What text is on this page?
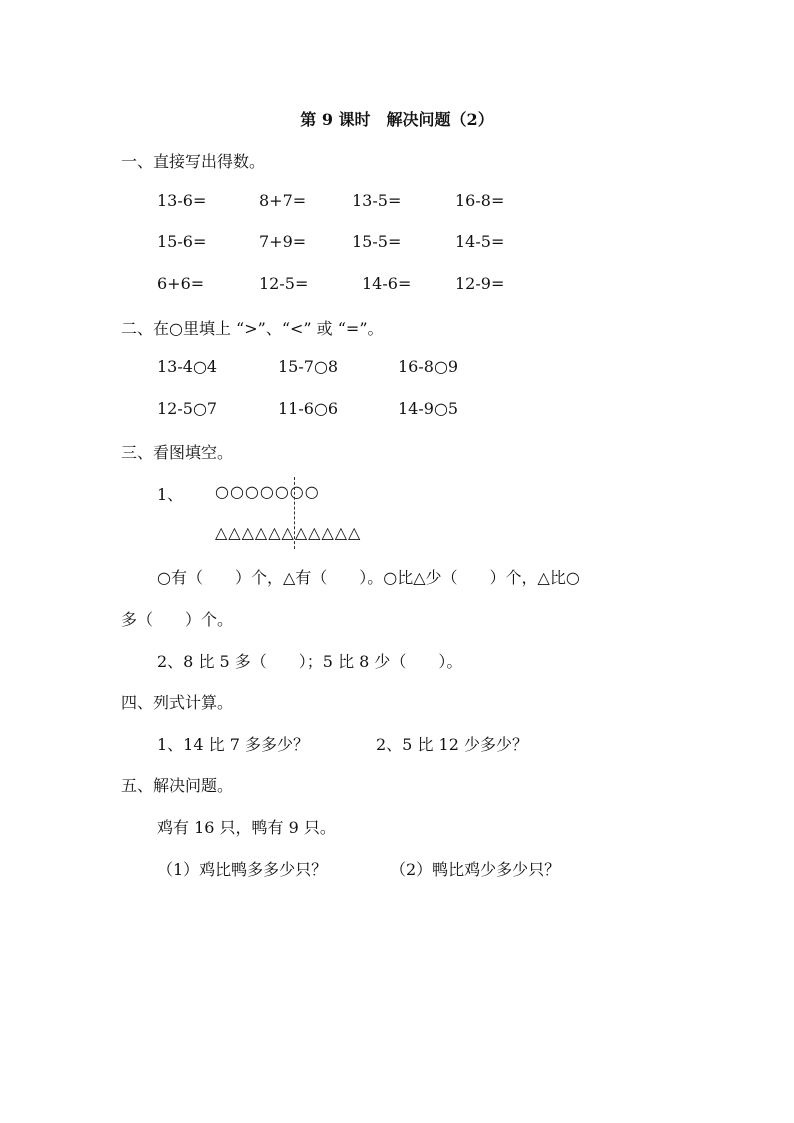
第 9 课时　解决问题（2）
一、直接写出得数。
13-6=	8+7=	13-5=	16-8=
15-6=	7+9=	15-5=	14-5=
6+6=	12-5=	14-6=	12-9=
二、在○里填上 “>”、“<” 或 “=”。
13-4○4	15-7○8	16-8○9
12-5○7	11-6○6	14-9○5
三、看图填空。
1、 ○○○○○○○
△△△△△△△△△△△
○有（　　）个，△有（　　）。○比△少（　　）个，△比○
多（　　）个。
2、8 比 5 多（　　）；5 比 8 少（　　）。
四、列式计算。
1、14 比 7 多多少？	2、5 比 12 少多少？
五、解决问题。
鸡有 16 只，鸭有 9 只。
（1）鸡比鸭多多少只？	（2）鸭比鸡少多少只？
